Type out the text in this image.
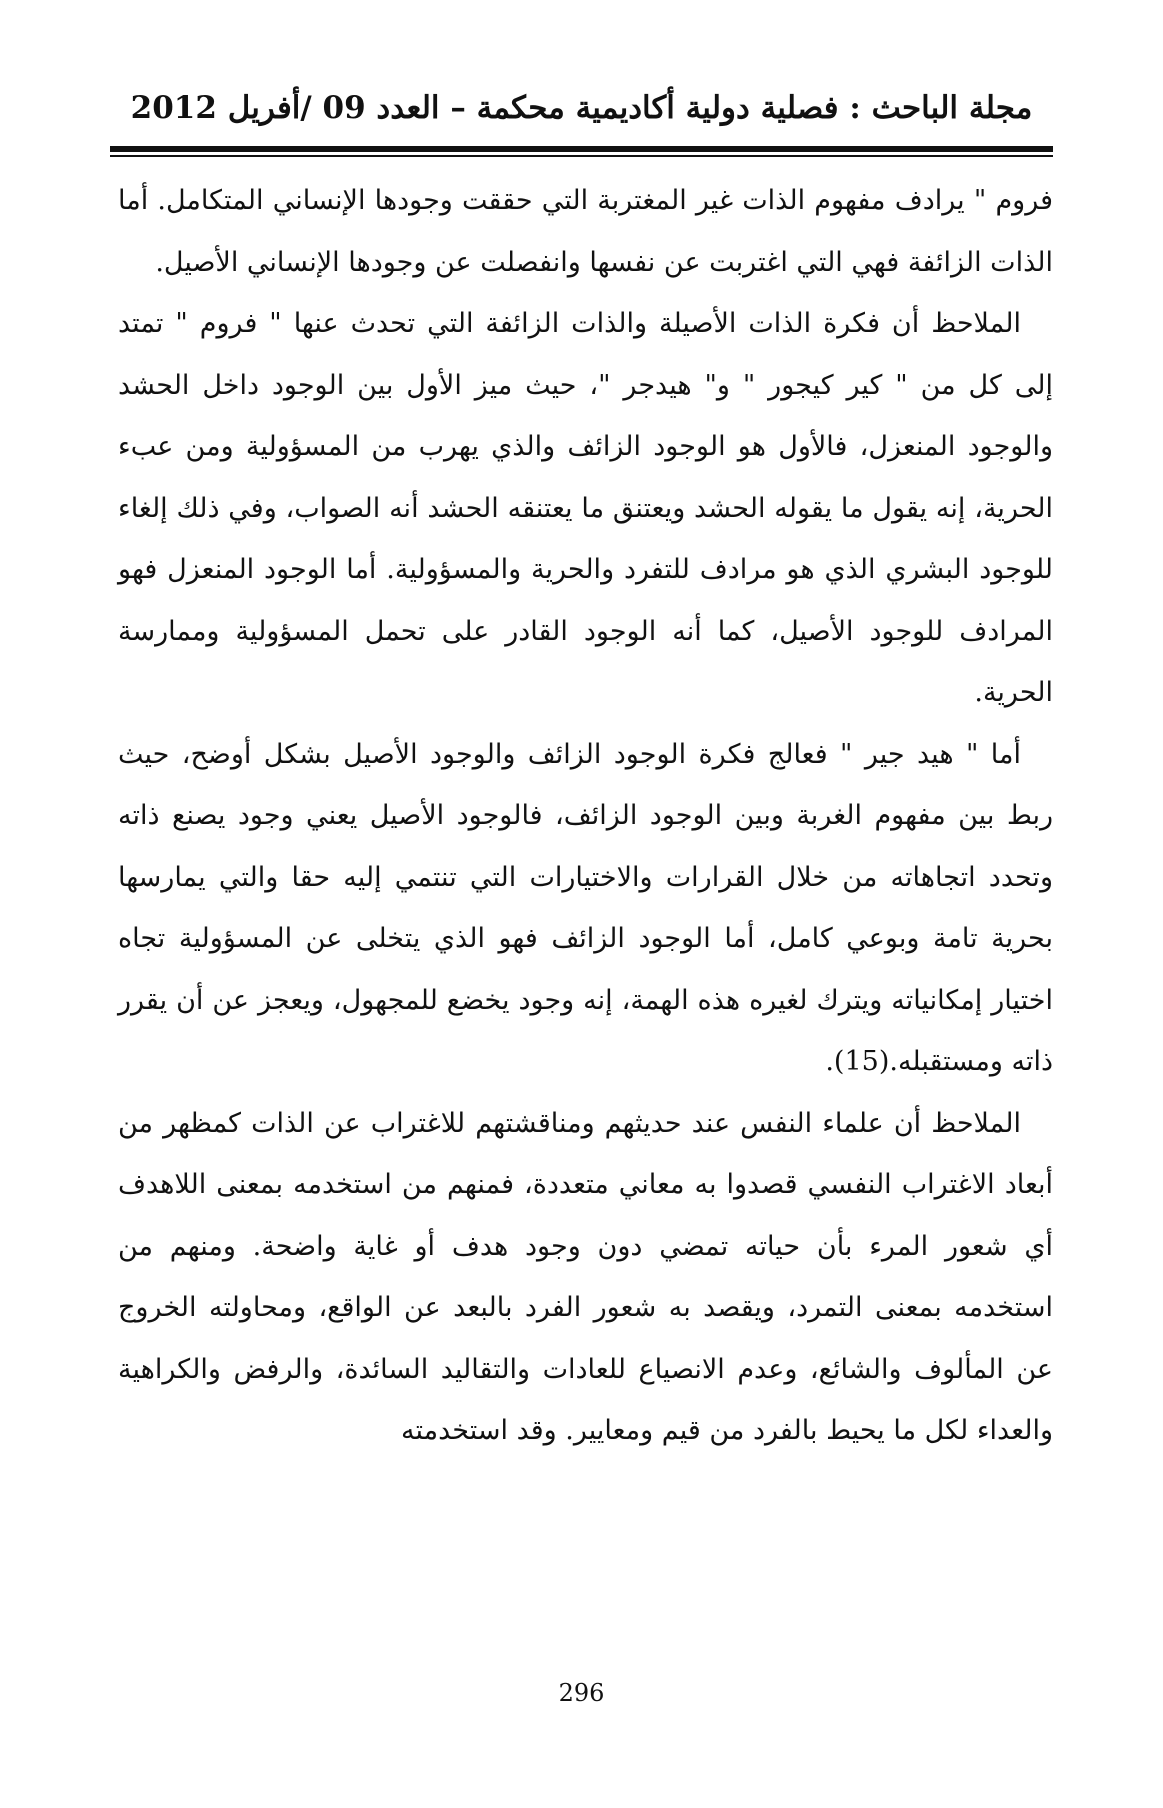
مجلة الباحث : فصلية دولية أكاديمية محكمة – العدد 09 /أفريل 2012

فروم " يرادف مفهوم الذات غير المغتربة التي حققت وجودها الإنساني المتكامل. أما الذات الزائفة فهي التي اغتربت عن نفسها وانفصلت عن وجودها الإنساني الأصيل.

الملاحظ أن فكرة الذات الأصيلة والذات الزائفة التي تحدث عنها " فروم " تمتد إلى كل من " كير كيجور " و" هيدجر "، حيث ميز الأول بين الوجود داخل الحشد والوجود المنعزل، فالأول هو الوجود الزائف والذي يهرب من المسؤولية ومن عبء الحرية، إنه يقول ما يقوله الحشد ويعتنق ما يعتنقه الحشد أنه الصواب، وفي ذلك إلغاء للوجود البشري الذي هو مرادف للتفرد والحرية والمسؤولية. أما الوجود المنعزل فهو المرادف للوجود الأصيل، كما أنه الوجود القادر على تحمل المسؤولية وممارسة الحرية.

أما " هيد جير " فعالج فكرة الوجود الزائف والوجود الأصيل بشكل أوضح، حيث ربط بين مفهوم الغربة وبين الوجود الزائف، فالوجود الأصيل يعني وجود يصنع ذاته وتحدد اتجاهاته من خلال القرارات والاختيارات التي تنتمي إليه حقا والتي يمارسها بحرية تامة وبوعي كامل، أما الوجود الزائف فهو الذي يتخلى عن المسؤولية تجاه اختيار إمكانياته ويترك لغيره هذه الهمة، إنه وجود يخضع للمجهول، ويعجز عن أن يقرر ذاته ومستقبله.(15).

الملاحظ أن علماء النفس عند حديثهم ومناقشتهم للاغتراب عن الذات كمظهر من أبعاد الاغتراب النفسي قصدوا به معاني متعددة، فمنهم من استخدمه بمعنى اللاهدف أي شعور المرء بأن حياته تمضي دون وجود هدف أو غاية واضحة. ومنهم من استخدمه بمعنى التمرد، ويقصد به شعور الفرد بالبعد عن الواقع، ومحاولته الخروج عن المألوف والشائع، وعدم الانصياع للعادات والتقاليد السائدة، والرفض والكراهية والعداء لكل ما يحيط بالفرد من قيم ومعايير. وقد استخدمته

296
